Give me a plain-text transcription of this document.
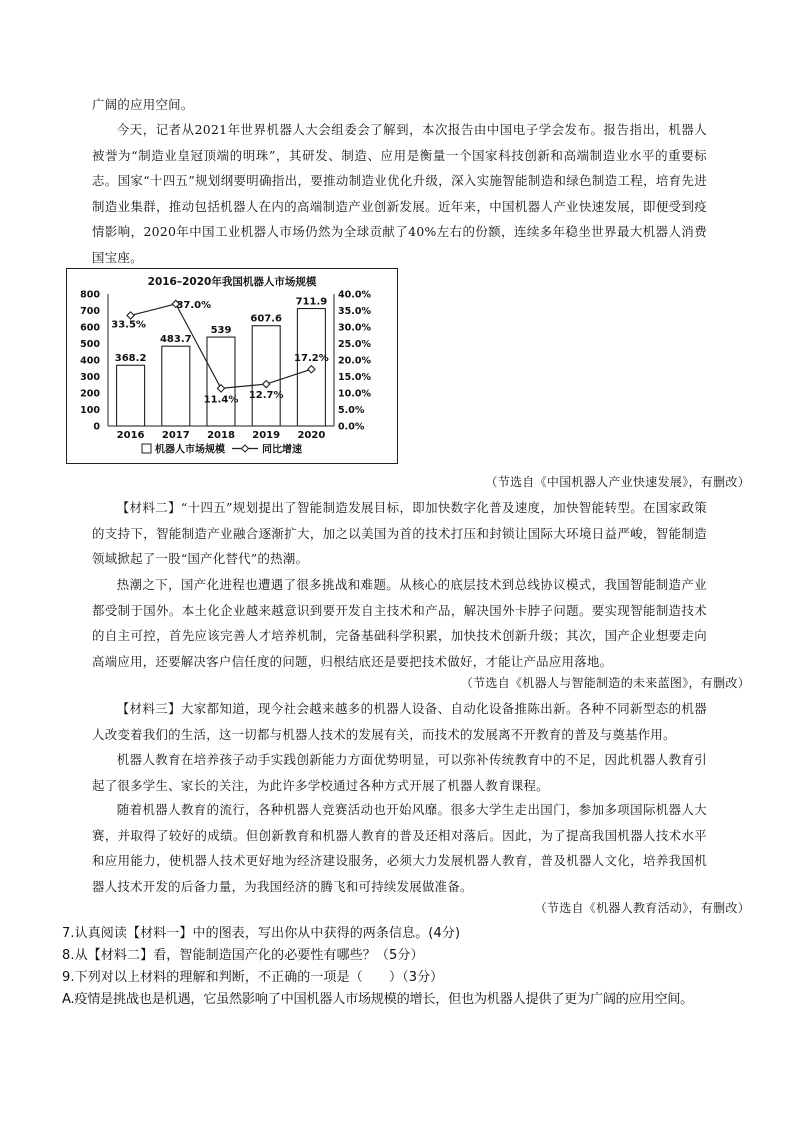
广阔的应用空间。

今天，记者从2021年世界机器人大会组委会了解到，本次报告由中国电子学会发布。报告指出，机器人被誉为“制造业皇冠顶端的明珠”，其研发、制造、应用是衡量一个国家科技创新和高端制造业水平的重要标志。国家“十四五”规划纲要明确指出，要推动制造业优化升级，深入实施智能制造和绿色制造工程，培育先进制造业集群，推动包括机器人在内的高端制造产业创新发展。近年来，中国机器人产业快速发展，即便受到疫情影响，2020年中国工业机器人市场仍然为全球贡献了40%左右的份额，连续多年稳坐世界最大机器人消费国宝座。

2016–2020年我国机器人市场规模
0
100
200
300
400
500
600
700
800
0.0%
5.0%
10.0%
15.0%
20.0%
25.0%
30.0%
35.0%
40.0%
368.2
483.7
539
607.6
711.9
2016 2017 2018 2019 2020
33.5%
37.0%
11.4% 12.7%
17.2%
机器人市场规模	同比增速

（节选自《中国机器人产业快速发展》，有删改）

【材料二】“十四五”规划提出了智能制造发展目标，即加快数字化普及速度，加快智能转型。在国家政策的支持下，智能制造产业融合逐渐扩大，加之以美国为首的技术打压和封锁让国际大环境日益严峻，智能制造领域掀起了一股“国产化替代”的热潮。

热潮之下，国产化进程也遭遇了很多挑战和难题。从核心的底层技术到总线协议模式，我国智能制造产业都受制于国外。本土化企业越来越意识到要开发自主技术和产品，解决国外卡脖子问题。要实现智能制造技术的自主可控，首先应该完善人才培养机制，完备基础科学积累，加快技术创新升级；其次，国产企业想要走向高端应用，还要解决客户信任度的问题，归根结底还是要把技术做好，才能让产品应用落地。

（节选自《机器人与智能制造的未来蓝图》，有删改）

【材料三】大家都知道，现今社会越来越多的机器人设备、自动化设备推陈出新。各种不同新型态的机器人改变着我们的生活，这一切都与机器人技术的发展有关，而技术的发展离不开教育的普及与奠基作用。

机器人教育在培养孩子动手实践创新能力方面优势明显，可以弥补传统教育中的不足，因此机器人教育引起了很多学生、家长的关注，为此许多学校通过各种方式开展了机器人教育课程。

随着机器人教育的流行，各种机器人竞赛活动也开始风靡。很多大学生走出国门，参加多项国际机器人大赛，并取得了较好的成绩。但创新教育和机器人教育的普及还相对落后。因此，为了提高我国机器人技术水平和应用能力，使机器人技术更好地为经济建设服务，必须大力发展机器人教育，普及机器人文化，培养我国机器人技术开发的后备力量，为我国经济的腾飞和可持续发展做准备。

（节选自《机器人教育活动》，有删改）

7.认真阅读【材料一】中的图表，写出你从中获得的两条信息。(4分)

8.从【材料二】看，智能制造国产化的必要性有哪些？（5分）

9.下列对以上材料的理解和判断，不正确的一项是（　　）（3分）

A.疫情是挑战也是机遇，它虽然影响了中国机器人市场规模的增长，但也为机器人提供了更为广阔的应用空间。
